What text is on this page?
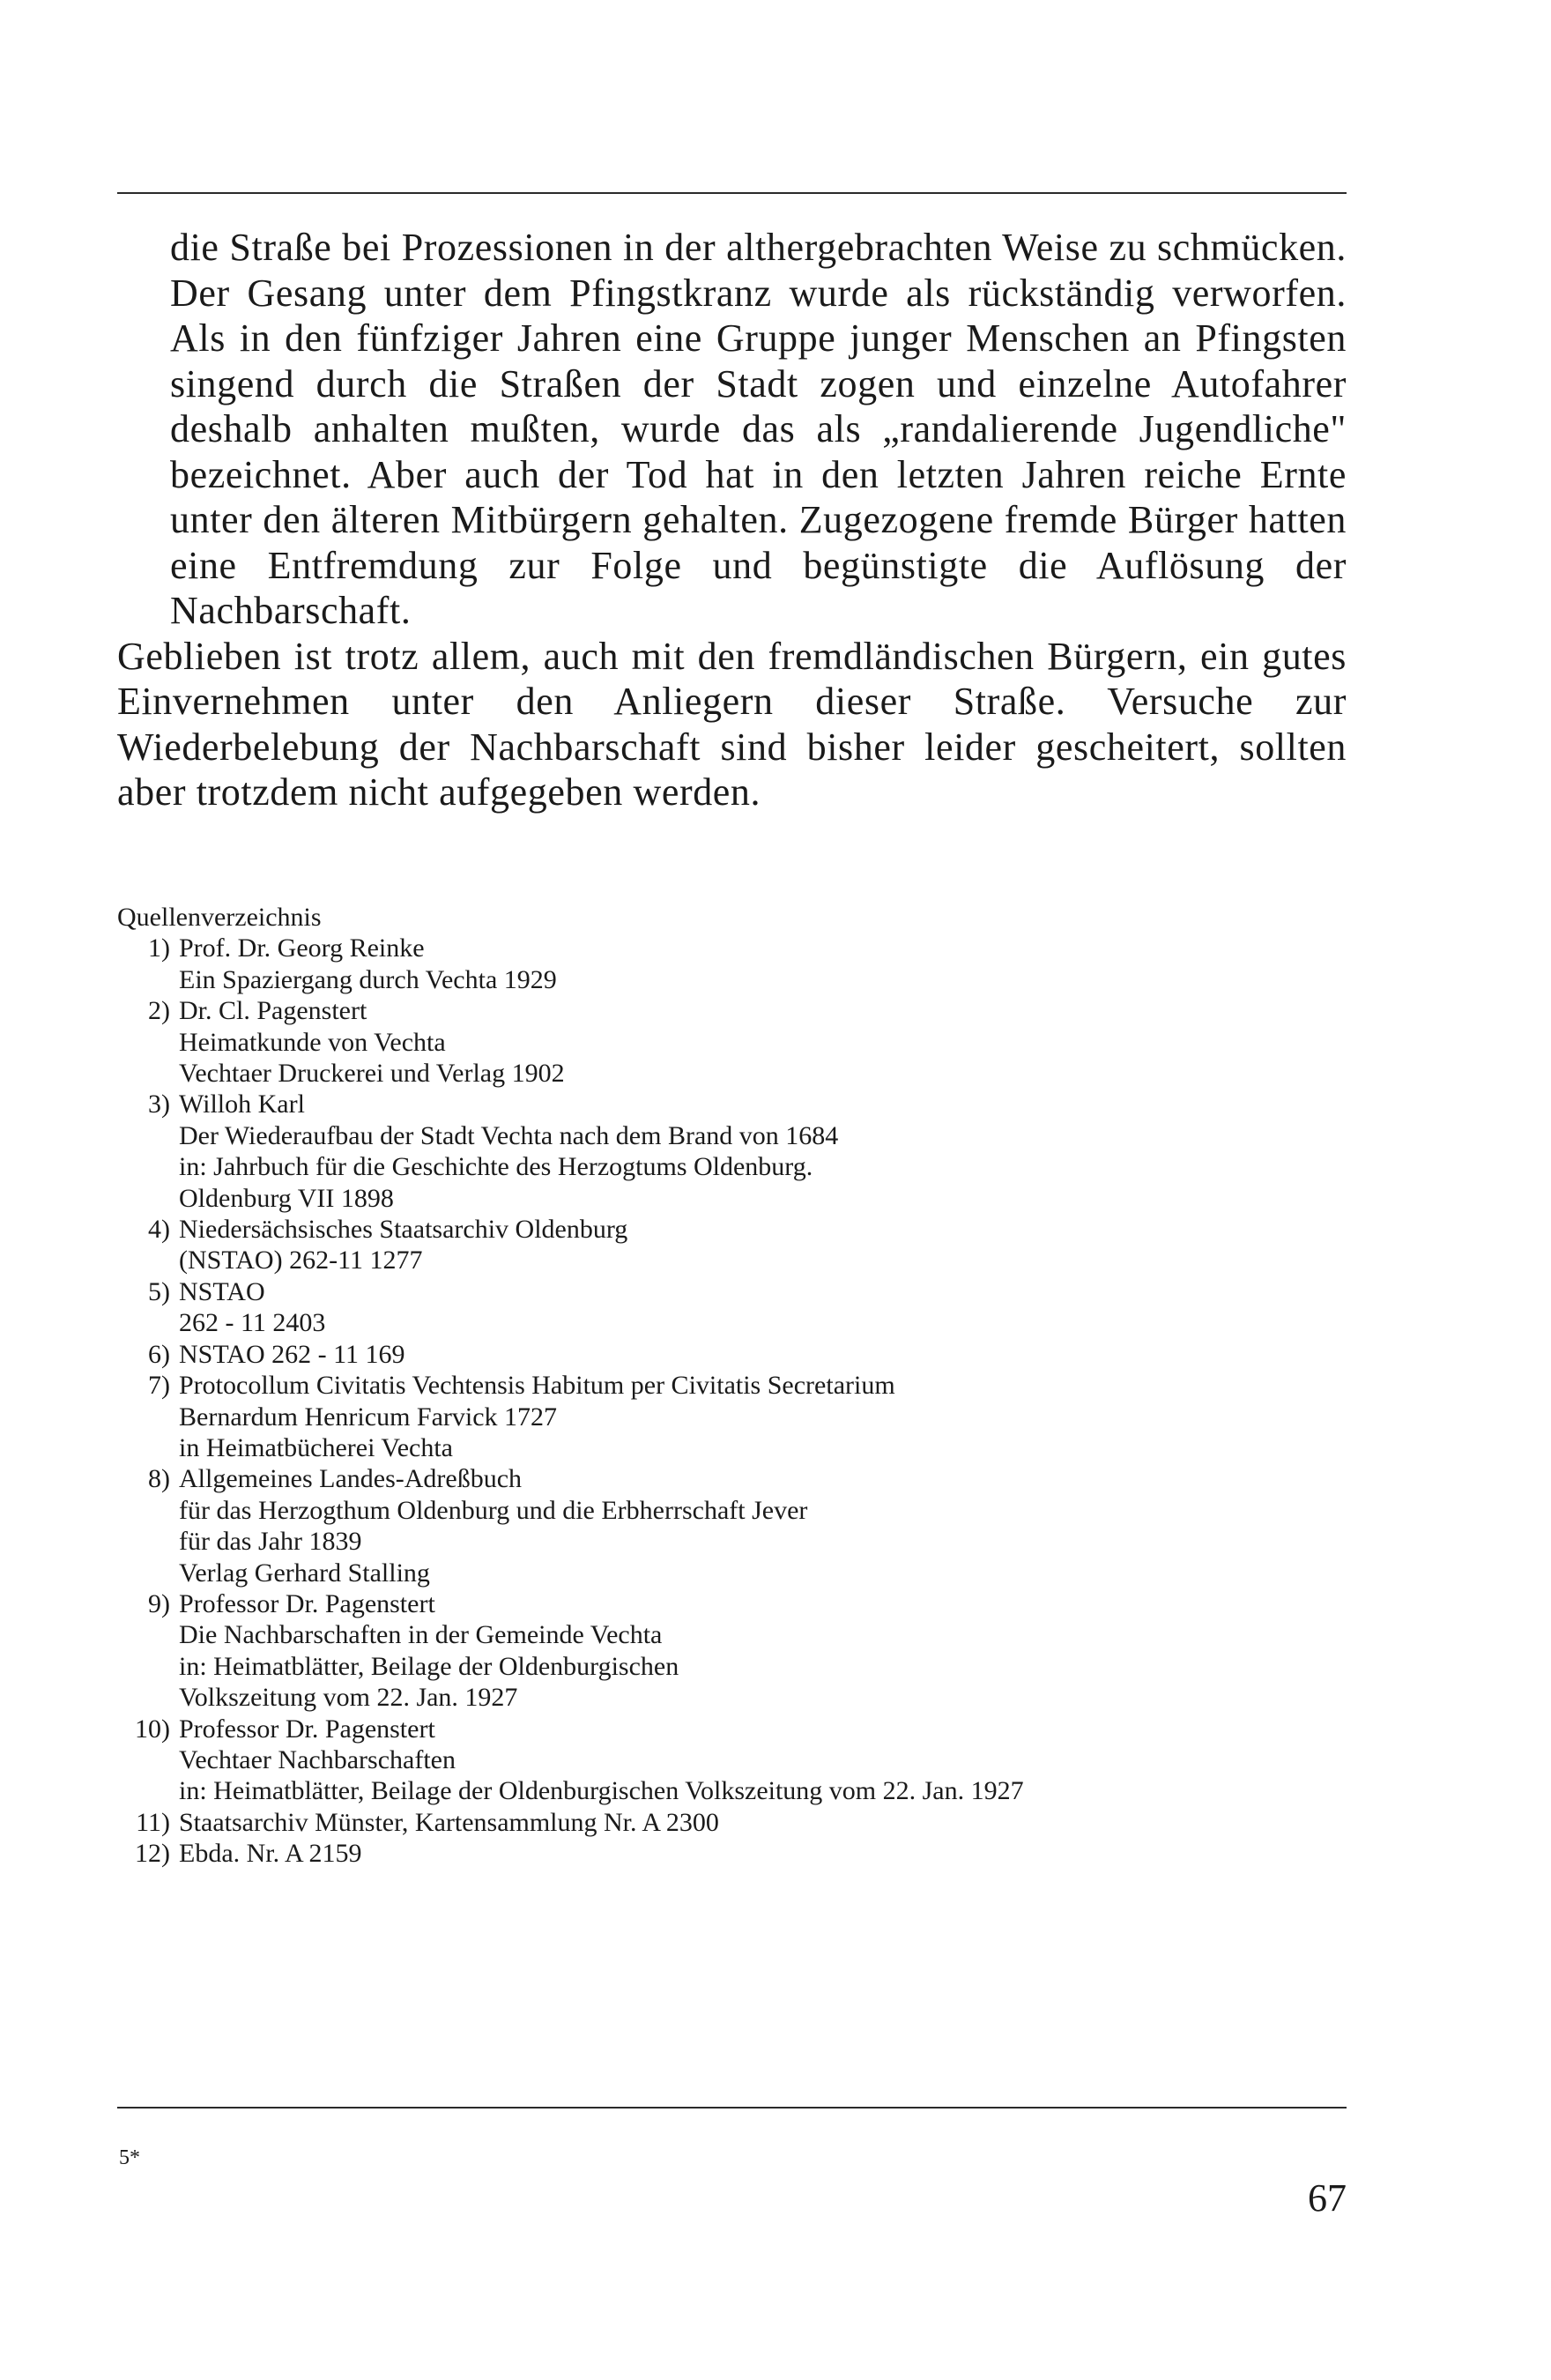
die Straße bei Prozessionen in der althergebrachten Weise zu schmücken. Der Gesang unter dem Pfingstkranz wurde als rückständig verworfen. Als in den fünfziger Jahren eine Gruppe junger Menschen an Pfingsten singend durch die Straßen der Stadt zogen und einzelne Autofahrer deshalb anhalten mußten, wurde das als „randalierende Jugendliche" bezeichnet. Aber auch der Tod hat in den letzten Jahren reiche Ernte unter den älteren Mitbürgern gehalten. Zugezogene fremde Bürger hatten eine Entfremdung zur Folge und begünstigte die Auflösung der Nachbarschaft.

Geblieben ist trotz allem, auch mit den fremdländischen Bürgern, ein gutes Einvernehmen unter den Anliegern dieser Straße. Versuche zur Wiederbelebung der Nachbarschaft sind bisher leider gescheitert, sollten aber trotzdem nicht aufgegeben werden.

Quellenverzeichnis

1) Prof. Dr. Georg Reinke
Ein Spaziergang durch Vechta 1929
2) Dr. Cl. Pagenstert
Heimatkunde von Vechta
Vechtaer Druckerei und Verlag 1902
3) Willoh Karl
Der Wiederaufbau der Stadt Vechta nach dem Brand von 1684
in: Jahrbuch für die Geschichte des Herzogtums Oldenburg.
Oldenburg VII 1898
4) Niedersächsisches Staatsarchiv Oldenburg
(NSTAO) 262-11 1277
5) NSTAO
262 - 11 2403
6) NSTAO 262 - 11 169
7) Protocollum Civitatis Vechtensis Habitum per Civitatis Secretarium
Bernardum Henricum Farvick 1727
in Heimatbücherei Vechta
8) Allgemeines Landes-Adreßbuch
für das Herzogthum Oldenburg und die Erbherrschaft Jever
für das Jahr 1839
Verlag Gerhard Stalling
9) Professor Dr. Pagenstert
Die Nachbarschaften in der Gemeinde Vechta
in: Heimatblätter, Beilage der Oldenburgischen
Volkszeitung vom 22. Jan. 1927
10) Professor Dr. Pagenstert
Vechtaer Nachbarschaften
in: Heimatblätter, Beilage der Oldenburgischen Volkszeitung vom 22. Jan. 1927
11) Staatsarchiv Münster, Kartensammlung Nr. A 2300
12) Ebda. Nr. A 2159
5*
67
